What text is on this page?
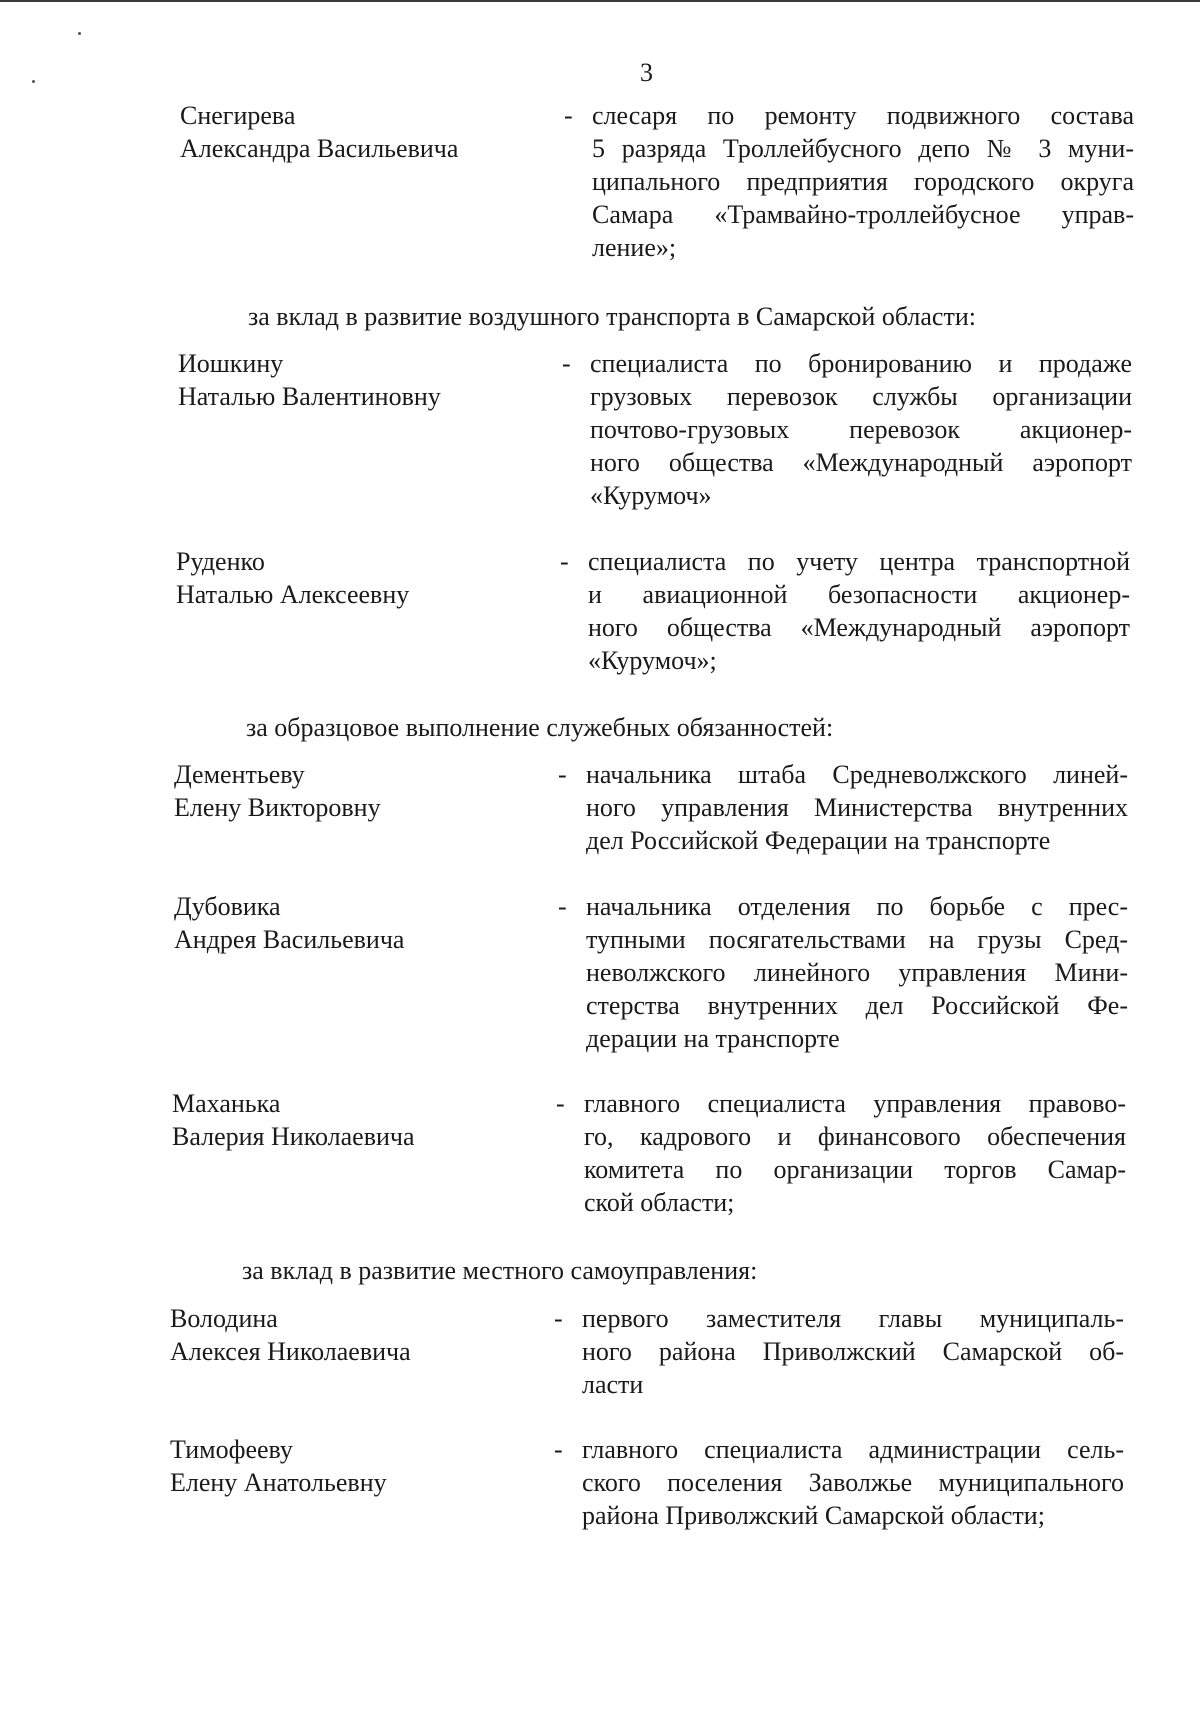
3
Снегирева
Александра Васильевича
- слесаря по ремонту подвижного состава
5 разряда Троллейбусного депо № 3 муни-
ципального предприятия городского округа
Самара «Трамвайно-троллейбусное управ-
ление»;
за вклад в развитие воздушного транспорта в Самарской области:
Иошкину
Наталью Валентиновну
- специалиста по бронированию и продаже
грузовых перевозок службы организации
почтово-грузовых перевозок акционер-
ного общества «Международный аэропорт
«Курумоч»
Руденко
Наталью Алексеевну
- специалиста по учету центра транспортной
и авиационной безопасности акционер-
ного общества «Международный аэропорт
«Курумоч»;
за образцовое выполнение служебных обязанностей:
Дементьеву
Елену Викторовну
- начальника штаба Средневолжского линей-
ного управления Министерства внутренних
дел Российской Федерации на транспорте
Дубовика
Андрея Васильевича
- начальника отделения по борьбе с прес-
тупными посягательствами на грузы Сред-
неволжского линейного управления Мини-
стерства внутренних дел Российской Фе-
дерации на транспорте
Маханька
Валерия Николаевича
- главного специалиста управления правово-
го, кадрового и финансового обеспечения
комитета по организации торгов Самар-
ской области;
за вклад в развитие местного самоуправления:
Володина
Алексея Николаевича
- первого заместителя главы муниципаль-
ного района Приволжский Самарской об-
ласти
Тимофееву
Елену Анатольевну
- главного специалиста администрации сель-
ского поселения Заволжье муниципального
района Приволжский Самарской области;
